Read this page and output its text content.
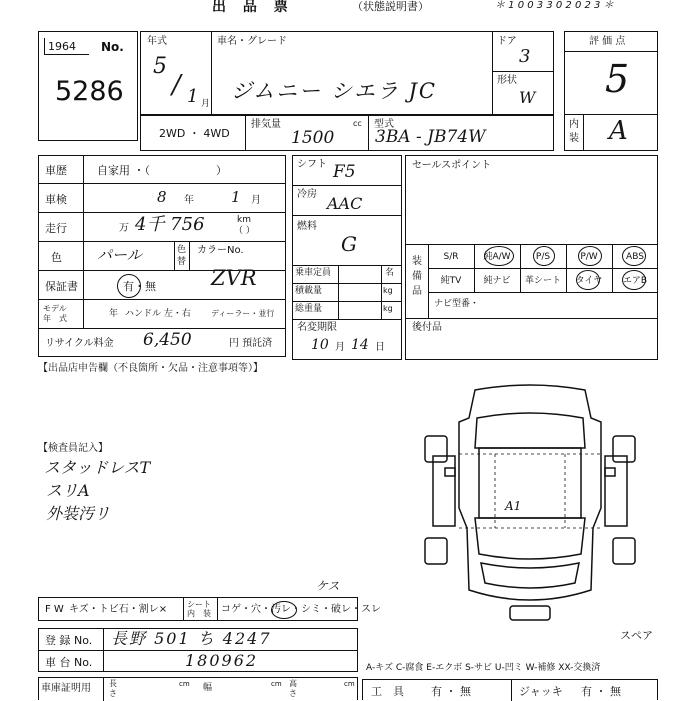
出 品 票	（状態説明書）	＊ 1 0 0 3 3 0 2 0 2 3 ＊
1964 No.
5286
年式
5
/ 1 月
車名・グレード
ジムニー シエラ JC
ドア
3
形状
W
評 価 点
5
内
装 A
2WD ・ 4WD
排気量	cc
1500
型式
3BA - JB74W
車歴	自家用 ・（　　　　　　）
車検	8 年 1 月
走行	万 4千 756	km
（ ）
色 パール	色
替
カラーNo.
保証書	有・無	ZVR
モデル
年　式	年 ハンドル 左・右	ディーラー・並行
リサイクル料金 6,450	円 預託済
シフト F5
冷房 AAC
燃料
G
乗車定員	名
積載量	kg
総重量	kg
名変期限
10 月 14 日
セールスポイント
装
備
品
S/R	純A/W	P/S	P/W	ABS
純TV	純ナビ	革シート	タイヤ	エアB
ナビ型番・
後付品
【出品店申告欄（不良箇所・欠品・注意事項等）】
【検査員記入】
スタッドレスT
スリA
外装汚リ	A1
スペア
F W キズ・トビ石・割レ× シート
内　装 コゲ・穴・汚レ・シミ・破レ・スレ
ケス
登 録 No. 長野 501 ち 4247
車 台 No.	180962	A-キズ C-腐食 E-エクボ S-サビ U-凹ミ W-補修 XX-交換済
車庫証明用 長
さ
cm 幅	cm 高
さ
cm
工　具 有 ・ 無	ジャッキ 有 ・ 無
